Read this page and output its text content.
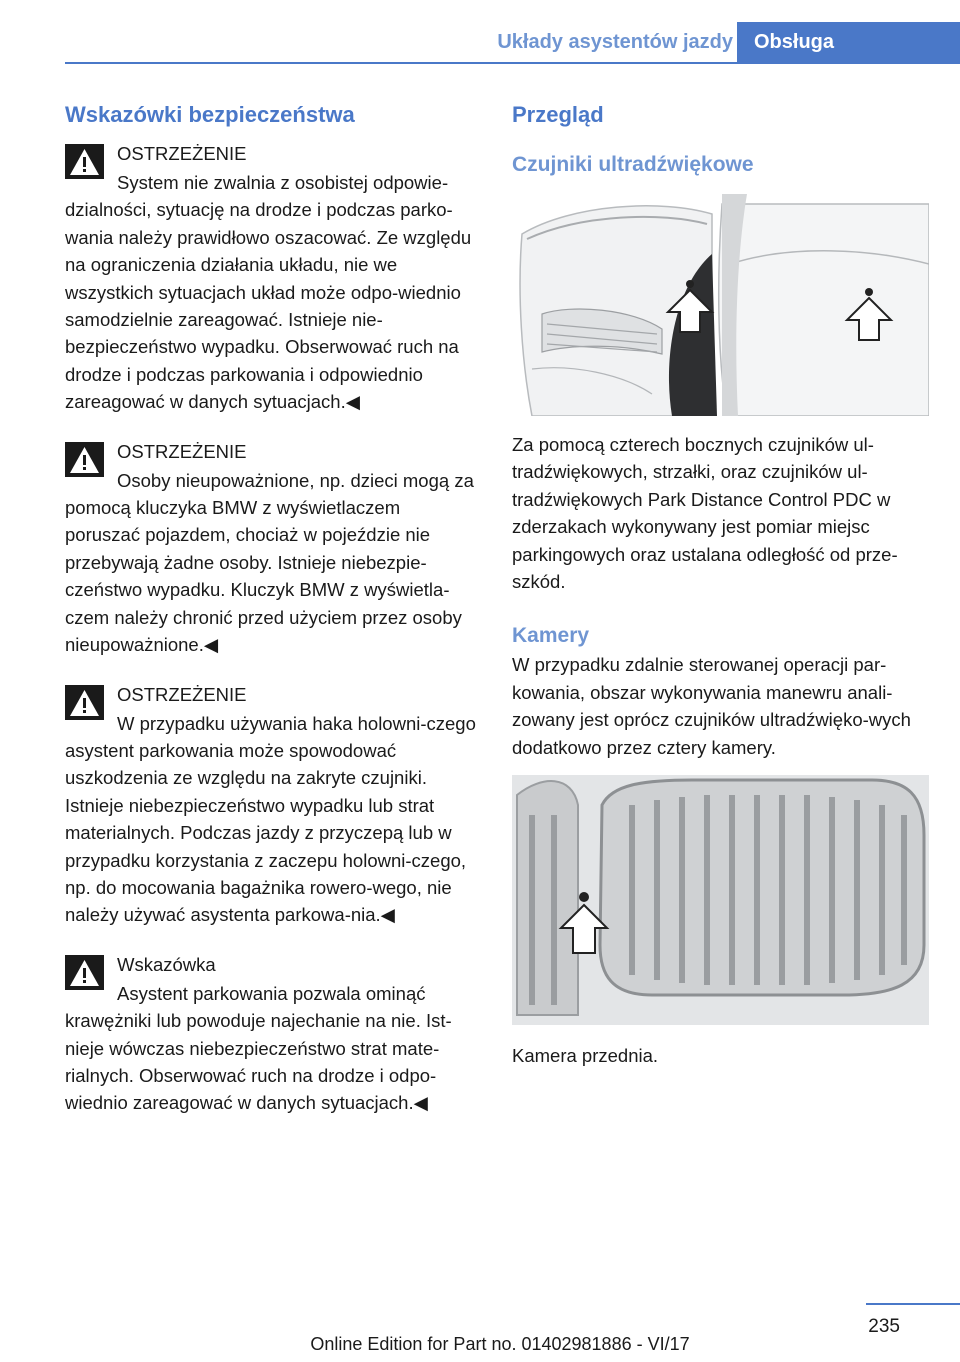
Układy asystentów jazdy	Obsługa
Wskazówki bezpieczeństwa
OSTRZEŻENIE

System nie zwalnia z osobistej odpowie‐dzialności, sytuację na drodze i podczas parko‐wania należy prawidłowo oszacować. Ze względu na ograniczenia działania układu, nie we wszystkich sytuacjach układ może odpo‐wiednio samodzielnie zareagować. Istnieje nie‐bezpieczeństwo wypadku. Obserwować ruch na drodze i podczas parkowania i odpowiednio zareagować w danych sytuacjach.◀

OSTRZEŻENIE

Osoby nieupoważnione, np. dzieci mogą za pomocą kluczyka BMW z wyświetlaczem poruszać pojazdem, chociaż w pojeździe nie przebywają żadne osoby. Istnieje niebezpie‐czeństwo wypadku. Kluczyk BMW z wyświetla‐czem należy chronić przed użyciem przez osoby nieupoważnione.◀

OSTRZEŻENIE

W przypadku używania haka holowni‐czego asystent parkowania może spowodować uszkodzenia ze względu na zakryte czujniki. Istnieje niebezpieczeństwo wypadku lub strat materialnych. Podczas jazdy z przyczepą lub w przypadku korzystania z zaczepu holowni‐czego, np. do mocowania bagażnika rowero‐wego, nie należy używać asystenta parkowa‐nia.◀

Wskazówka

Asystent parkowania pozwala ominąć krawężniki lub powoduje najechanie na nie. Ist‐nieje wówczas niebezpieczeństwo strat mate‐rialnych. Obserwować ruch na drodze i odpo‐wiednio zareagować w danych sytuacjach.◀

Przegląd
Czujniki ultradźwiękowe

Za pomocą czterech bocznych czujników ul‐tradźwiękowych, strzałki, oraz czujników ul‐tradźwiękowych Park Distance Control PDC w zderzakach wykonywany jest pomiar miejsc parkingowych oraz ustalana odległość od prze‐szkód.

Kamery

W przypadku zdalnie sterowanej operacji par‐kowania, obszar wykonywania manewru anali‐zowany jest oprócz czujników ultradźwięko‐wych dodatkowo przez cztery kamery.

Kamera przednia.

235
Online Edition for Part no. 01402981886 - VI/17
